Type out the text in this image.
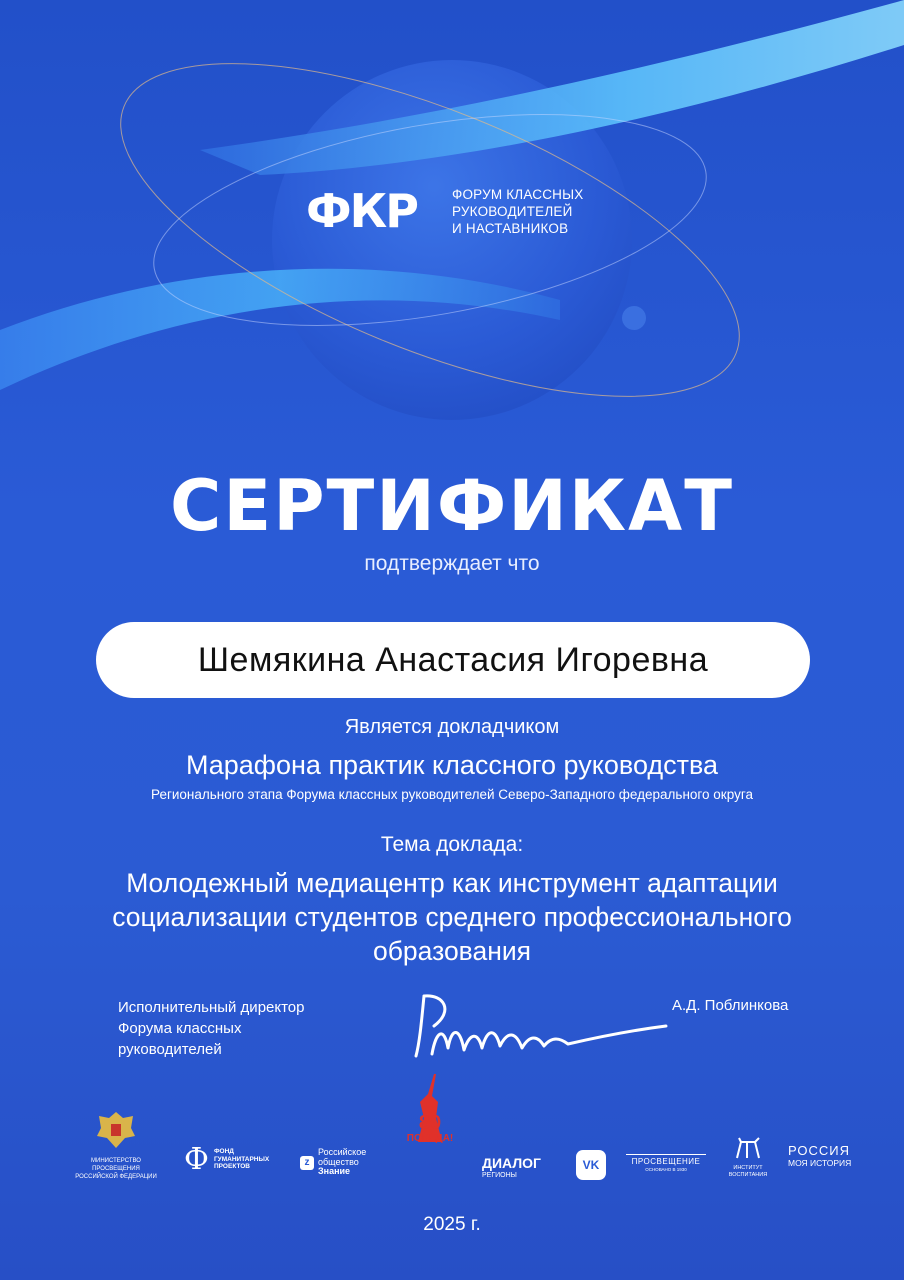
ФКР	ФОРУМ КЛАССНЫХ
РУКОВОДИТЕЛЕЙ
И НАСТАВНИКОВ
СЕРТИФИКАТ
подтверждает что
Шемякина Анастасия Игоревна
Является докладчиком
Марафона практик классного руководства
Регионального этапа Форума классных руководителей Северо-Западного федерального округа
Тема доклада:
Молодежный медиацентр как инструмент адаптации
социализации студентов среднего профессионального
образования
Исполнительный директор
Форума классных
руководителей
А.Д. Поблинкова
МИНИСТЕРСТВО ПРОСВЕЩЕНИЯ
РОССИЙСКОЙ ФЕДЕРАЦИИ Ф ФОНД
ГУМАНИТАРНЫХ
ПРОЕКТОВ	z
Российское
общество
Знание
80
ПОБЕДА!
ДИАЛОГ
РЕГИОНЫ
VK	ПРОСВЕЩЕНИЕ
ОСНОВАНО В 1930	ИНСТИТУТ
ВОСПИТАНИЯ
РОССИЯ
МОЯ ИСТОРИЯ
2025 г.
